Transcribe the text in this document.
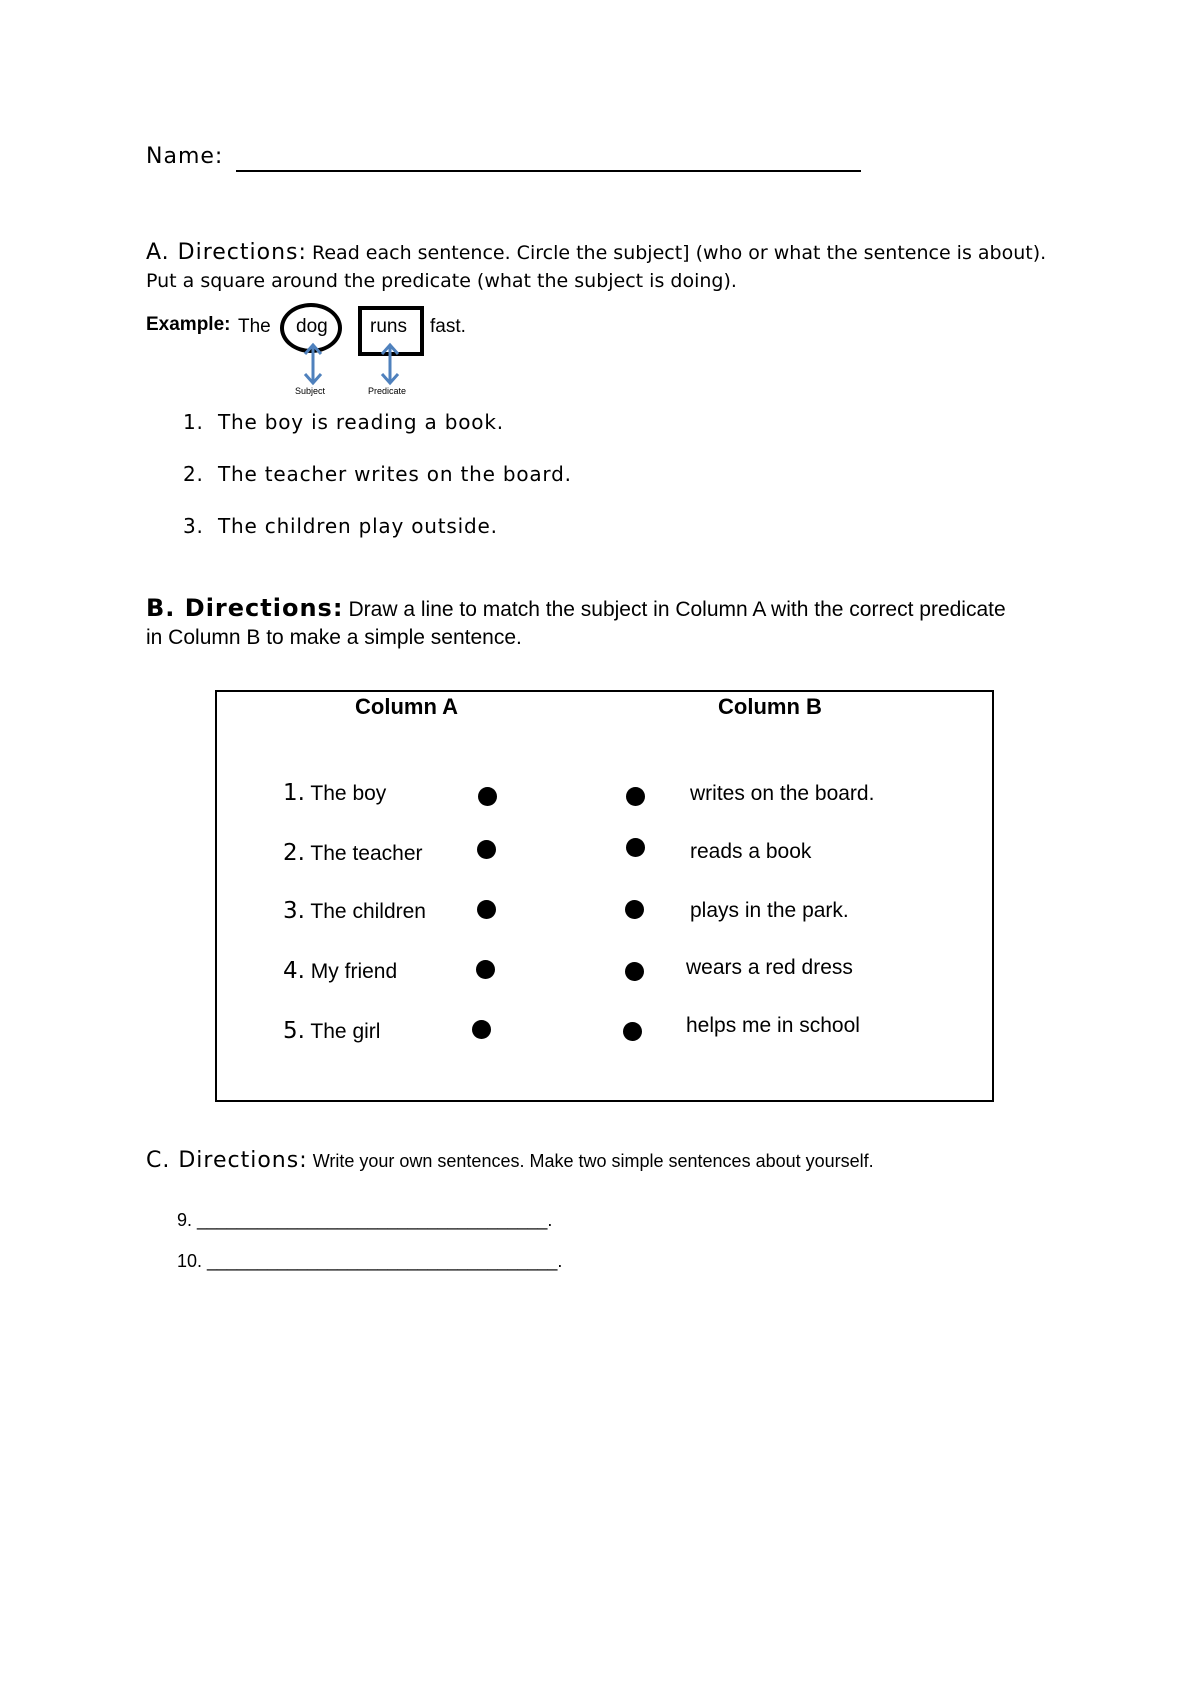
Name:
A. Directions: Read each sentence. Circle the subject] (who or what the sentence is about).
Put a square around the predicate (what the subject is doing).
Example: The dog runs fast.
Subject	Predicate
1. The boy is reading a book.
2. The teacher writes on the board.
3. The children play outside.
B. Directions: Draw a line to match the subject in Column A with the correct predicate
in Column B to make a simple sentence.
Column A	Column B
1. The boy
2. The teacher
3. The children
4. My friend
5. The girl
writes on the board.
reads a book
plays in the park.
wears a red dress
helps me in school
C. Directions: Write your own sentences. Make two simple sentences about yourself.
9. ___________________________________.
10. ___________________________________.
